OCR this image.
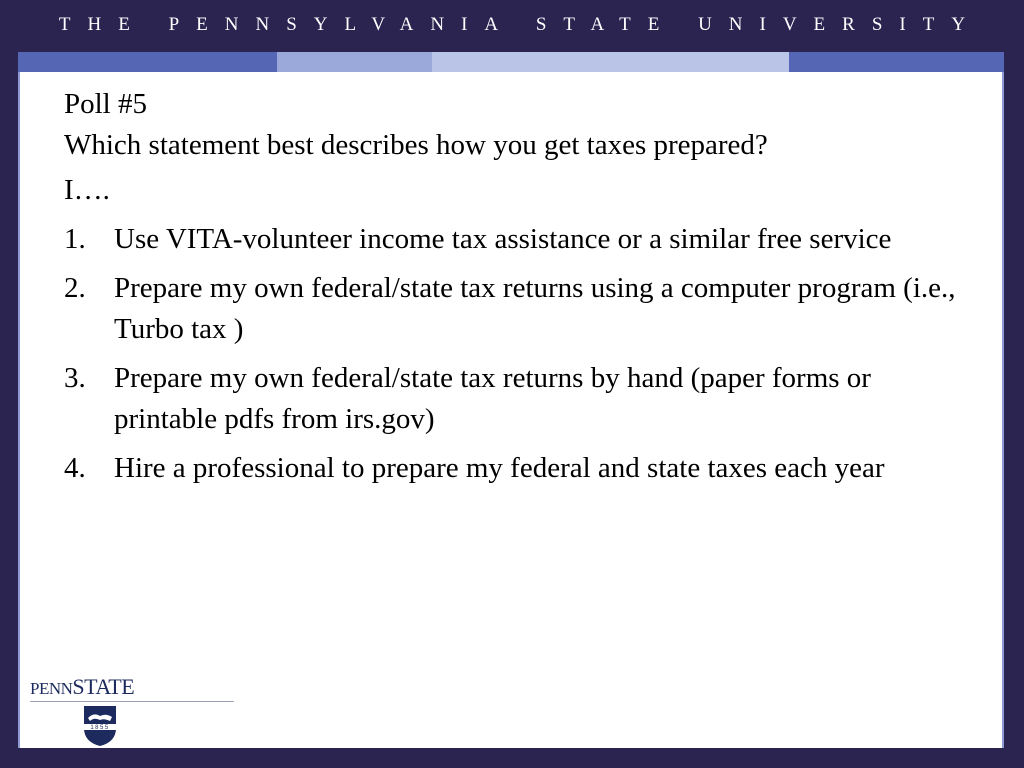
THE PENNSYLVANIA STATE UNIVERSITY
Poll #5
Which statement best describes how you get taxes prepared?
I….
1. Use VITA-volunteer income tax assistance or a similar free service
2. Prepare my own federal/state tax returns using a computer program (i.e., Turbo tax )
3. Prepare my own federal/state tax returns by hand (paper forms or printable pdfs from irs.gov)
4. Hire a professional to prepare my federal and state taxes each year
PENNSTATE
1855
